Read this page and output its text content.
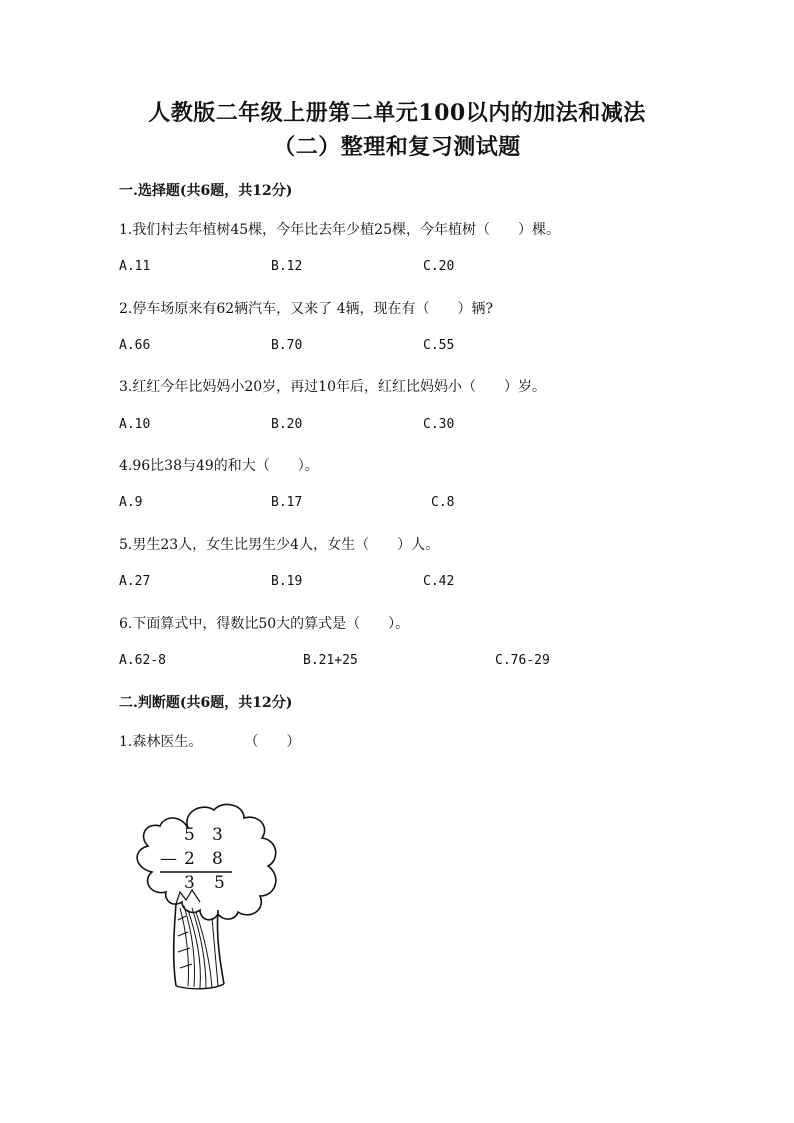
人教版二年级上册第二单元100以内的加法和减法
（二）整理和复习测试题
一.选择题(共6题，共12分)
1.我们村去年植树45棵，今年比去年少植25棵，今年植树（　　）棵。
A.11	B.12	C.20
2.停车场原来有62辆汽车，又来了 4辆，现在有（　　）辆?
A.66	B.70	C.55
3.红红今年比妈妈小20岁，再过10年后，红红比妈妈小（　　）岁。
A.10	B.20	C.30
4.96比38与49的和大（　　）。
A.9	B.17	C.8
5.男生23人，女生比男生少4人，女生（　　）人。
A.27	B.19	C.42
6.下面算式中，得数比50大的算式是（　　）。
A.62-8	B.21+25	C.76-29
二.判断题(共6题，共12分)
1.森林医生。　　　　（　　）
5 3
— 2 8
3 5
